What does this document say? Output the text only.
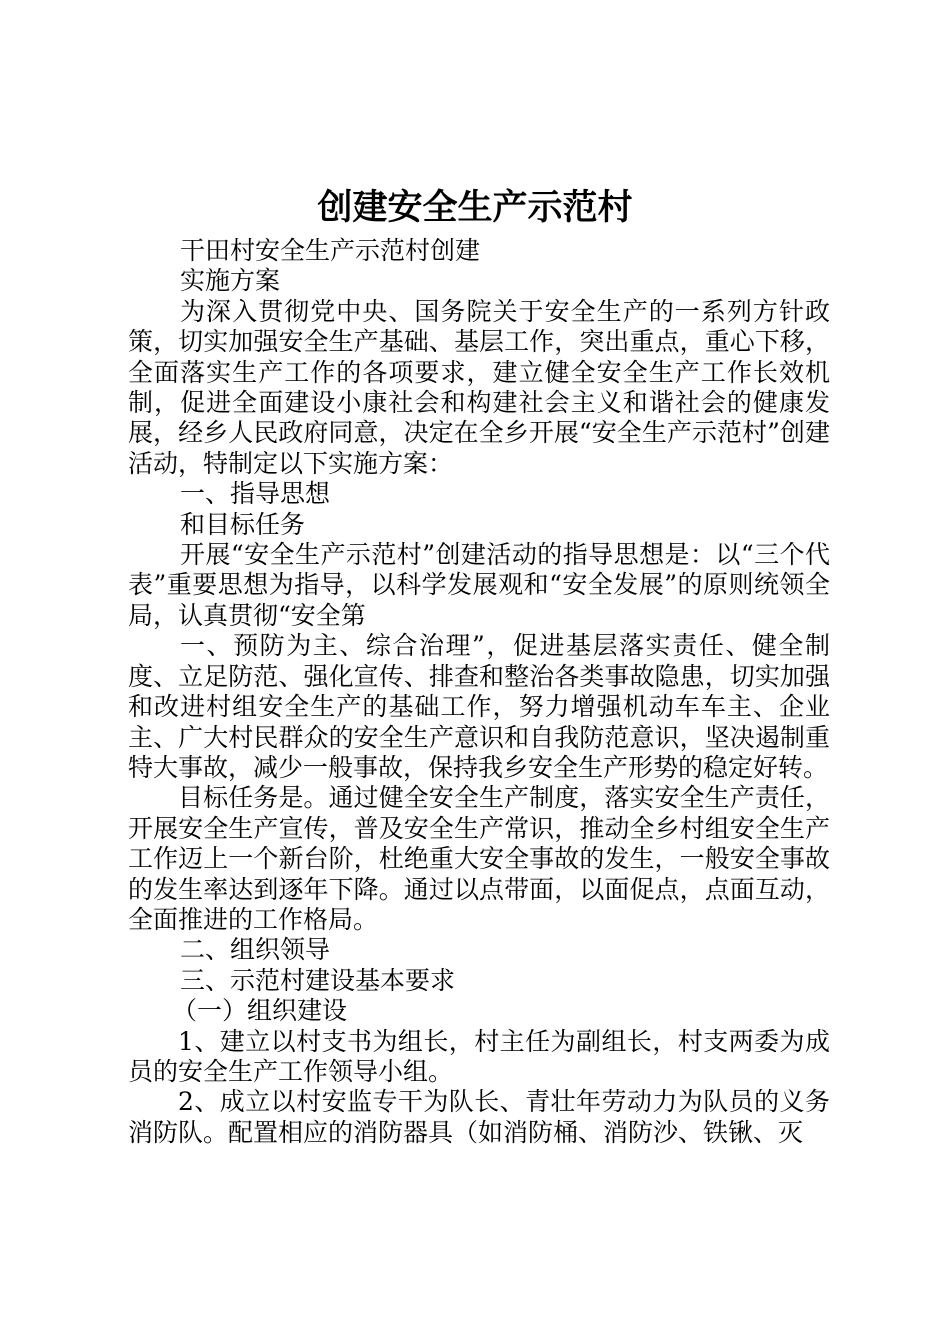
创建安全生产示范村

干田村安全生产示范村创建

实施方案

为深入贯彻党中央、国务院关于安全生产的一系列方针政策，切实加强安全生产基础、基层工作，突出重点，重心下移，全面落实生产工作的各项要求，建立健全安全生产工作长效机制，促进全面建设小康社会和构建社会主义和谐社会的健康发展，经乡人民政府同意，决定在全乡开展“安全生产示范村”创建活动，特制定以下实施方案：

一、指导思想

和目标任务

开展“安全生产示范村”创建活动的指导思想是：以“三个代表”重要思想为指导，以科学发展观和“安全发展”的原则统领全局，认真贯彻“安全第

一、预防为主、综合治理”，促进基层落实责任、健全制度、立足防范、强化宣传、排查和整治各类事故隐患，切实加强和改进村组安全生产的基础工作，努力增强机动车车主、企业主、广大村民群众的安全生产意识和自我防范意识，坚决遏制重特大事故，减少一般事故，保持我乡安全生产形势的稳定好转。

目标任务是。通过健全安全生产制度，落实安全生产责任，开展安全生产宣传，普及安全生产常识，推动全乡村组安全生产工作迈上一个新台阶，杜绝重大安全事故的发生，一般安全事故的发生率达到逐年下降。通过以点带面，以面促点，点面互动，全面推进的工作格局。

二、组织领导

三、示范村建设基本要求

（一）组织建设

1、建立以村支书为组长，村主任为副组长，村支两委为成员的安全生产工作领导小组。

2、成立以村安监专干为队长、青壮年劳动力为队员的义务消防队。配置相应的消防器具（如消防桶、消防沙、铁锹、灭
